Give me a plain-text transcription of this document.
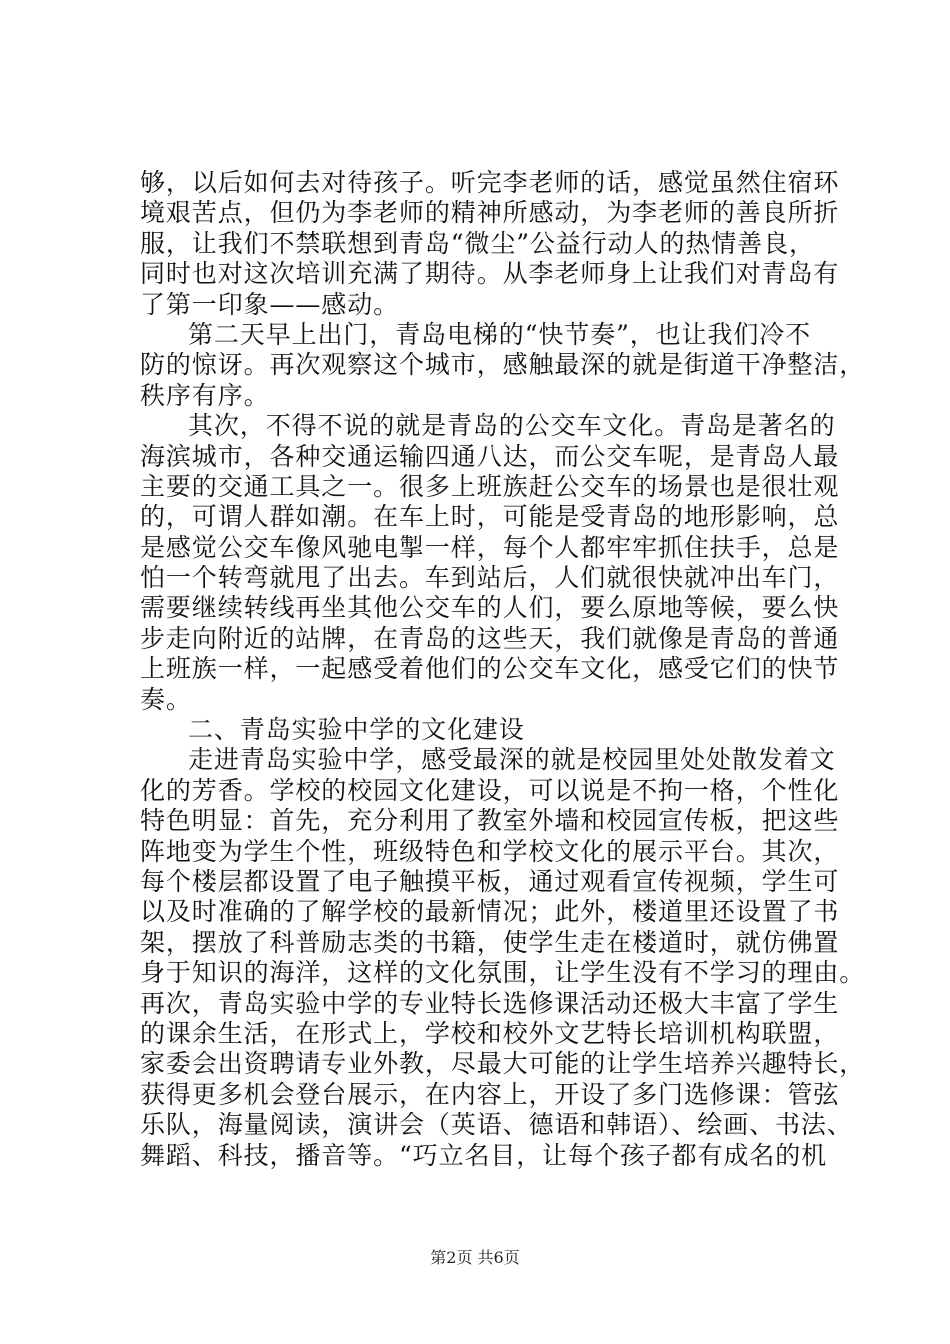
够，以后如何去对待孩子。听完李老师的话，感觉虽然住宿环
境艰苦点，但仍为李老师的精神所感动，为李老师的善良所折
服，让我们不禁联想到青岛“微尘”公益行动人的热情善良，
同时也对这次培训充满了期待。从李老师身上让我们对青岛有
了第一印象——感动。
第二天早上出门，青岛电梯的“快节奏”，也让我们冷不
防的惊讶。再次观察这个城市，感触最深的就是街道干净整洁，
秩序有序。
其次，不得不说的就是青岛的公交车文化。青岛是著名的
海滨城市，各种交通运输四通八达，而公交车呢，是青岛人最
主要的交通工具之一。很多上班族赶公交车的场景也是很壮观
的，可谓人群如潮。在车上时，可能是受青岛的地形影响，总
是感觉公交车像风驰电掣一样，每个人都牢牢抓住扶手，总是
怕一个转弯就甩了出去。车到站后，人们就很快就冲出车门，
需要继续转线再坐其他公交车的人们，要么原地等候，要么快
步走向附近的站牌，在青岛的这些天，我们就像是青岛的普通
上班族一样，一起感受着他们的公交车文化，感受它们的快节
奏。
二、青岛实验中学的文化建设
走进青岛实验中学，感受最深的就是校园里处处散发着文
化的芳香。学校的校园文化建设，可以说是不拘一格，个性化
特色明显：首先，充分利用了教室外墙和校园宣传板，把这些
阵地变为学生个性，班级特色和学校文化的展示平台。其次，
每个楼层都设置了电子触摸平板，通过观看宣传视频，学生可
以及时准确的了解学校的最新情况；此外，楼道里还设置了书
架，摆放了科普励志类的书籍，使学生走在楼道时，就仿佛置
身于知识的海洋，这样的文化氛围，让学生没有不学习的理由。
再次，青岛实验中学的专业特长选修课活动还极大丰富了学生
的课余生活，在形式上，学校和校外文艺特长培训机构联盟，
家委会出资聘请专业外教，尽最大可能的让学生培养兴趣特长，
获得更多机会登台展示，在内容上，开设了多门选修课：管弦
乐队，海量阅读，演讲会（英语、德语和韩语）、绘画、书法、
舞蹈、科技，播音等。“巧立名目，让每个孩子都有成名的机
第2页 共6页
